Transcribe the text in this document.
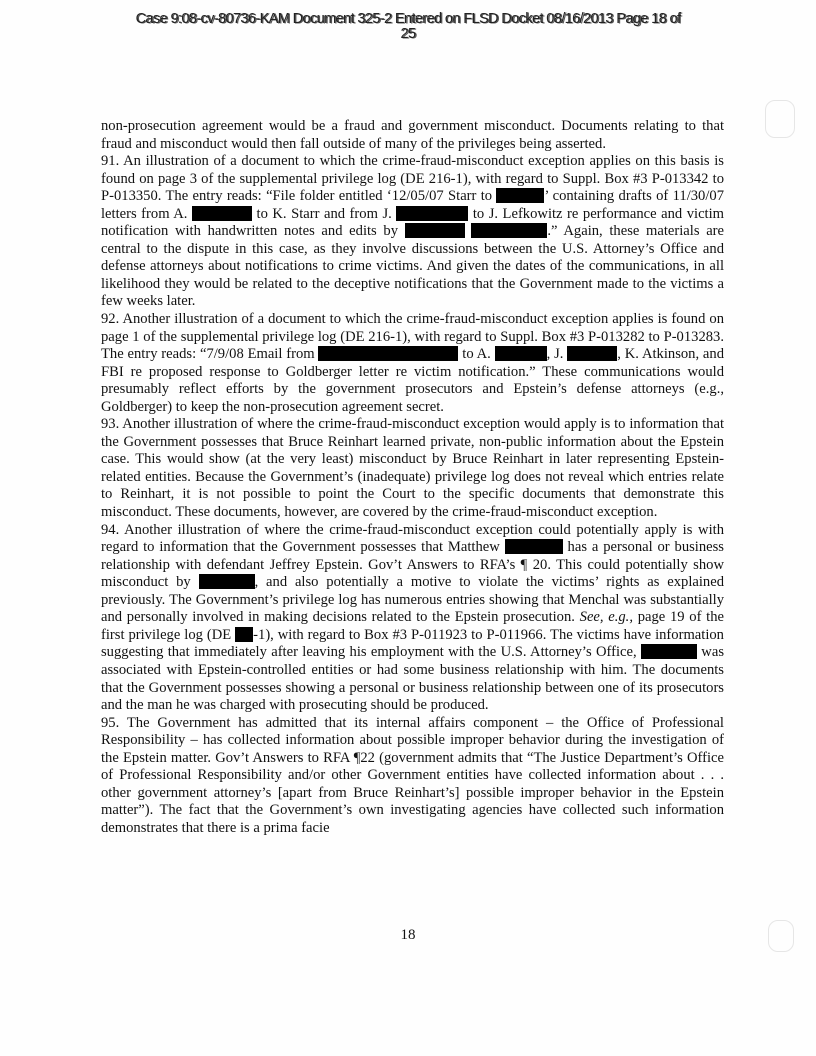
Case 9:08-cv-80736-KAM Document 325-2 Entered on FLSD Docket 08/16/2013 Page 18 of
25

non-prosecution agreement would be a fraud and government misconduct. Documents relating to that fraud and misconduct would then fall outside of many of the privileges being asserted.

91. An illustration of a document to which the crime-fraud-misconduct exception applies on this basis is found on page 3 of the supplemental privilege log (DE 216-1), with regard to Suppl. Box #3 P-013342 to P-013350. The entry reads: “File folder entitled ‘12/05/07 Starr to	’ containing drafts of 11/30/07 letters from A.	to K. Starr and from J.	to J. Lefkowitz re performance and victim notification with handwritten notes and edits by	.” Again, these materials are central to the dispute in this case, as they involve discussions between the U.S. Attorney’s Office and defense attorneys about notifications to crime victims. And given the dates of the communications, in all likelihood they would be related to the deceptive notifications that the Government made to the victims a few weeks later.

92. Another illustration of a document to which the crime-fraud-misconduct exception applies is found on page 1 of the supplemental privilege log (DE 216-1), with regard to Suppl. Box #3 P-013282 to P-013283. The entry reads: “7/9/08 Email from	to A.	, J.	, K. Atkinson, and FBI re proposed response to Goldberger letter re victim notification.” These communications would presumably reflect efforts by the government prosecutors and Epstein’s defense attorneys (e.g., Goldberger) to keep the non-prosecution agreement secret.

93. Another illustration of where the crime-fraud-misconduct exception would apply is to information that the Government possesses that Bruce Reinhart learned private, non-public information about the Epstein case. This would show (at the very least) misconduct by Bruce Reinhart in later representing Epstein-related entities. Because the Government’s (inadequate) privilege log does not reveal which entries relate to Reinhart, it is not possible to point the Court to the specific documents that demonstrate this misconduct. These documents, however, are covered by the crime-fraud-misconduct exception.

94. Another illustration of where the crime-fraud-misconduct exception could potentially apply is with regard to information that the Government possesses that Matthew	has a personal or business relationship with defendant Jeffrey Epstein. Gov’t Answers to RFA’s ¶ 20. This could potentially show misconduct by	, and also potentially a motive to violate the victims’ rights as explained previously. The Government’s privilege log has numerous entries showing that Menchal was substantially and personally involved in making decisions related to the Epstein prosecution. See, e.g., page 19 of the first privilege log (DE -1), with regard to Box #3 P-011923 to P-011966. The victims have information suggesting that immediately after leaving his employment with the U.S. Attorney’s Office,	was associated with Epstein-controlled entities or had some business relationship with him. The documents that the Government possesses showing a personal or business relationship between one of its prosecutors and the man he was charged with prosecuting should be produced.

95. The Government has admitted that its internal affairs component – the Office of Professional Responsibility – has collected information about possible improper behavior during the investigation of the Epstein matter. Gov’t Answers to RFA ¶22 (government admits that “The Justice Department’s Office of Professional Responsibility and/or other Government entities have collected information about . . . other government attorney’s [apart from Bruce Reinhart’s] possible improper behavior in the Epstein matter”). The fact that the Government’s own investigating agencies have collected such information demonstrates that there is a prima facie

18
